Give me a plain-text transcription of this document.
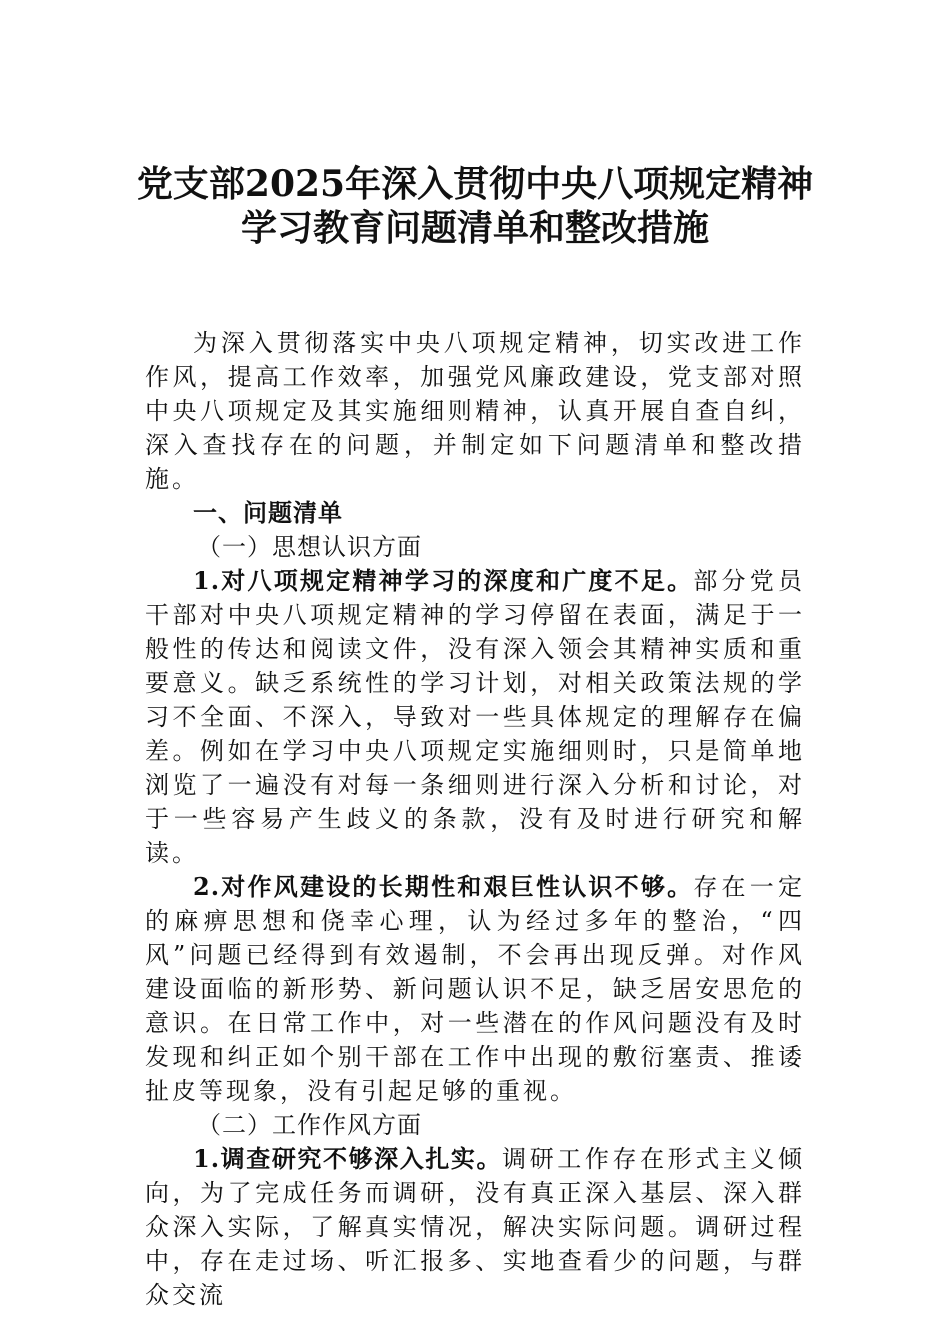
党支部2025年深入贯彻中央八项规定精神
学习教育问题清单和整改措施

为深入贯彻落实中央八项规定精神，切实改进工作作风，提高工作效率，加强党风廉政建设，党支部对照中央八项规定及其实施细则精神，认真开展自查自纠，深入查找存在的问题，并制定如下问题清单和整改措施。

一、问题清单

（一）思想认识方面

1.对八项规定精神学习的深度和广度不足。部分党员干部对中央八项规定精神的学习停留在表面，满足于一般性的传达和阅读文件，没有深入领会其精神实质和重要意义。缺乏系统性的学习计划，对相关政策法规的学习不全面、不深入，导致对一些具体规定的理解存在偏差。例如在学习中央八项规定实施细则时，只是简单地浏览了一遍没有对每一条细则进行深入分析和讨论，对于一些容易产生歧义的条款，没有及时进行研究和解读。

2.对作风建设的长期性和艰巨性认识不够。存在一定的麻痹思想和侥幸心理，认为经过多年的整治，“四风”问题已经得到有效遏制，不会再出现反弹。对作风建设面临的新形势、新问题认识不足，缺乏居安思危的意识。在日常工作中，对一些潜在的作风问题没有及时发现和纠正如个别干部在工作中出现的敷衍塞责、推诿扯皮等现象，没有引起足够的重视。

（二）工作作风方面

1.调查研究不够深入扎实。调研工作存在形式主义倾向，为了完成任务而调研，没有真正深入基层、深入群众深入实际，了解真实情况，解决实际问题。调研过程中，存在走过场、听汇报多、实地查看少的问题，与群众交流
